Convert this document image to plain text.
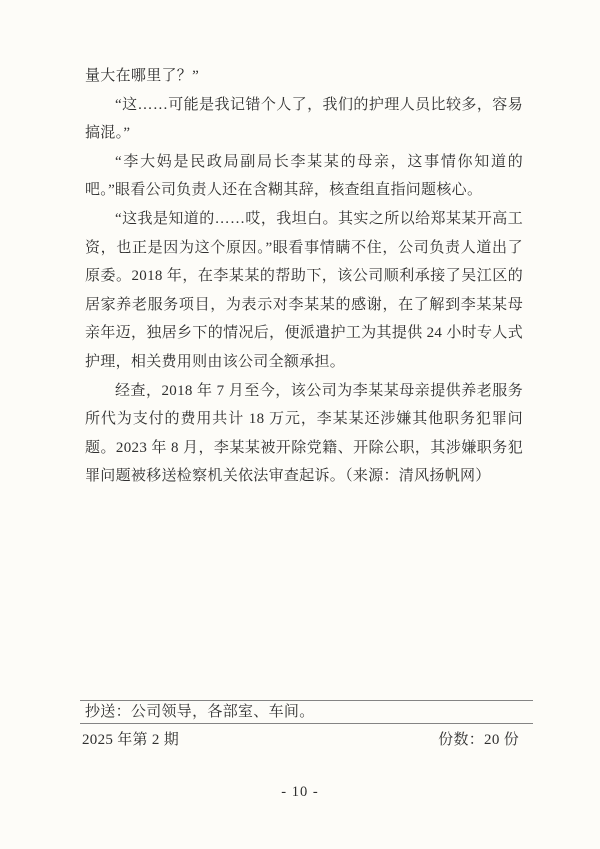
量大在哪里了？”

“这……可能是我记错个人了，我们的护理人员比较多，容易搞混。”

“李大妈是民政局副局长李某某的母亲，这事情你知道的吧。”眼看公司负责人还在含糊其辞，核查组直指问题核心。

“这我是知道的……哎，我坦白。其实之所以给郑某某开高工资，也正是因为这个原因。”眼看事情瞒不住，公司负责人道出了原委。2018 年，在李某某的帮助下，该公司顺利承接了吴江区的居家养老服务项目，为表示对李某某的感谢，在了解到李某某母亲年迈，独居乡下的情况后，便派遣护工为其提供 24 小时专人式护理，相关费用则由该公司全额承担。

经查，2018 年 7 月至今，该公司为李某某母亲提供养老服务所代为支付的费用共计 18 万元，李某某还涉嫌其他职务犯罪问题。2023 年 8 月，李某某被开除党籍、开除公职，其涉嫌职务犯罪问题被移送检察机关依法审查起诉。（来源：清风扬帆网）

抄送：公司领导，各部室、车间。
2025 年第 2 期	份数：20 份
- 10 -
